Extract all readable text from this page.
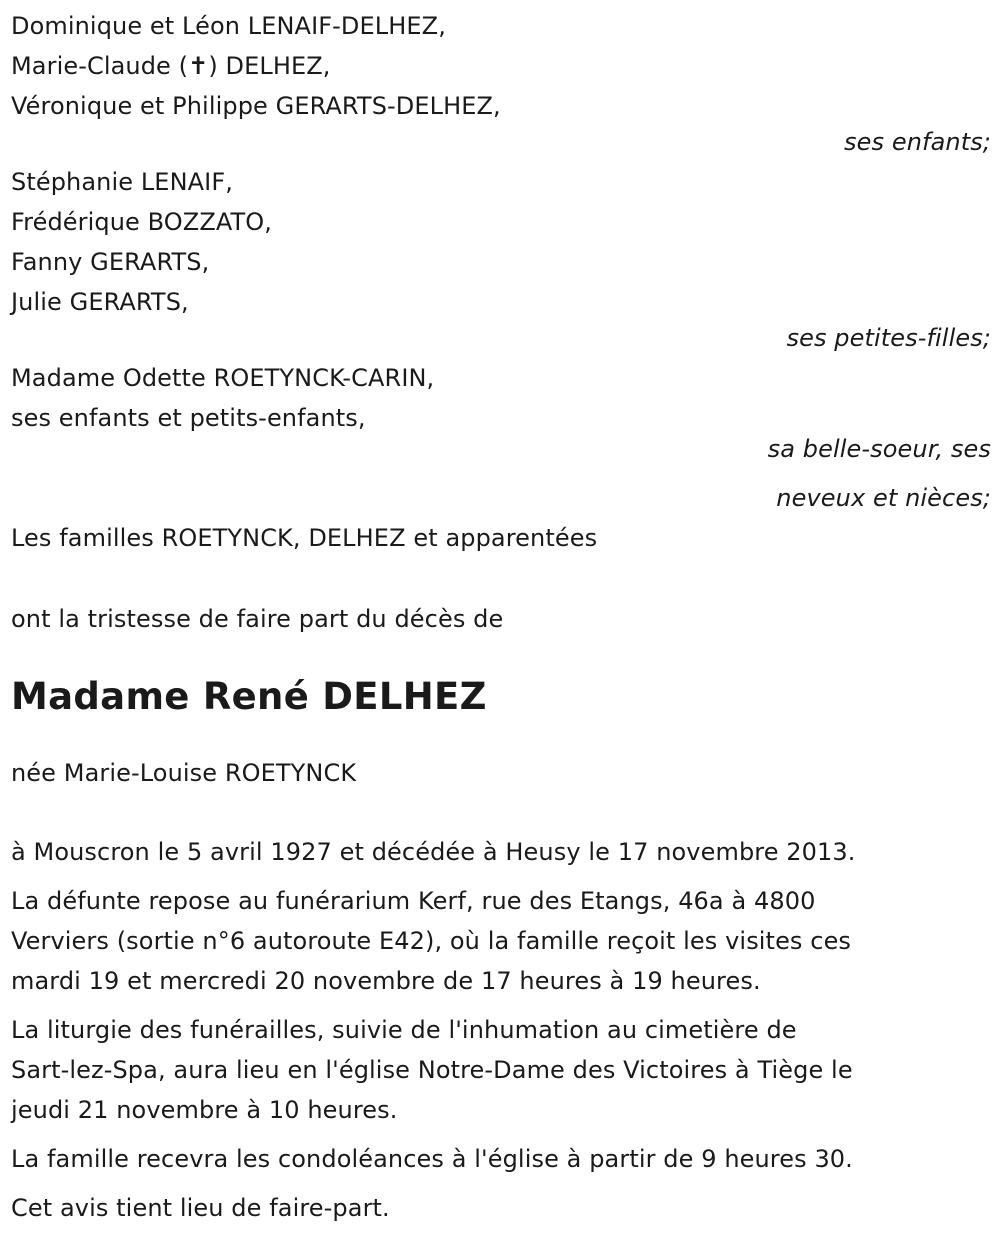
Dominique et Léon LENAIF-DELHEZ,
Marie-Claude (✝) DELHEZ,
Véronique et Philippe GERARTS-DELHEZ,
ses enfants;
Stéphanie LENAIF,
Frédérique BOZZATO,
Fanny GERARTS,
Julie GERARTS,
ses petites-filles;
Madame Odette ROETYNCK-CARIN,
ses enfants et petits-enfants,
sa belle-soeur, ses
neveux et nièces;
Les familles ROETYNCK, DELHEZ et apparentées
ont la tristesse de faire part du décès de
Madame René DELHEZ
née Marie-Louise ROETYNCK
à Mouscron le 5 avril 1927 et décédée à Heusy le 17 novembre 2013.
La défunte repose au funérarium Kerf, rue des Etangs, 46a à 4800
Verviers (sortie n°6 autoroute E42), où la famille reçoit les visites ces
mardi 19 et mercredi 20 novembre de 17 heures à 19 heures.
La liturgie des funérailles, suivie de l'inhumation au cimetière de
Sart-lez-Spa, aura lieu en l'église Notre-Dame des Victoires à Tiège le
jeudi 21 novembre à 10 heures.
La famille recevra les condoléances à l'église à partir de 9 heures 30.
Cet avis tient lieu de faire-part.
